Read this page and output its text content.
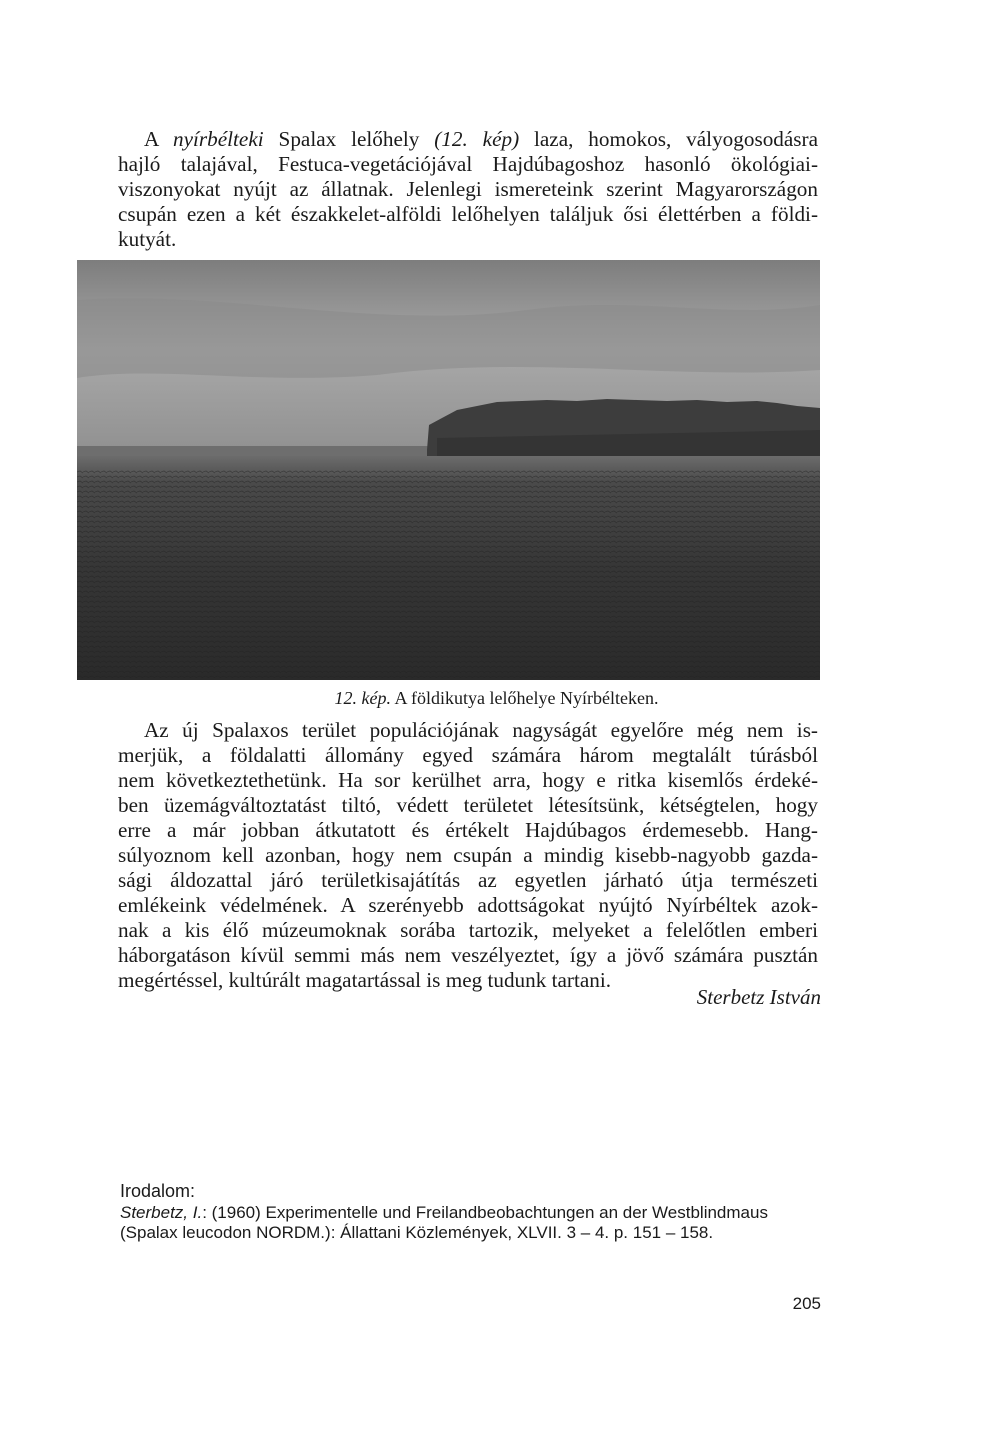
A nyírbélteki Spalax lelőhely (12. kép) laza, homokos, vályogosodásra
hajló talajával, Festuca-vegetációjával Hajdúbagoshoz hasonló ökológiai-
viszonyokat nyújt az állatnak. Jelenlegi ismereteink szerint Magyarországon
csupán ezen a két északkelet-alföldi lelőhelyen találjuk ősi élettérben a földi-
kutyát.

12. kép. A földikutya lelőhelye Nyírbélteken.

Az új Spalaxos terület populációjának nagyságát egyelőre még nem is-
merjük, a földalatti állomány egyed számára három megtalált túrásból
nem következtethetünk. Ha sor kerülhet arra, hogy e ritka kisemlős érdeké-
ben üzemágváltoztatást tiltó, védett területet létesítsünk, kétségtelen, hogy
erre a már jobban átkutatott és értékelt Hajdúbagos érdemesebb. Hang-
súlyoznom kell azonban, hogy nem csupán a mindig kisebb-nagyobb gazda-
sági áldozattal járó területkisajátítás az egyetlen járható útja természeti
emlékeink védelmének. A szerényebb adottságokat nyújtó Nyírbéltek azok-
nak a kis élő múzeumoknak sorába tartozik, melyeket a felelőtlen emberi
háborgatáson kívül semmi más nem veszélyeztet, így a jövő számára pusztán
megértéssel, kultúrált magatartással is meg tudunk tartani.

Sterbetz István
Irodalom:
Sterbetz, I.: (1960) Experimentelle und Freilandbeobachtungen an der Westblindmaus
(Spalax leucodon NORDM.): Állattani Közlemények, XLVII. 3 – 4. p. 151 – 158.
205
